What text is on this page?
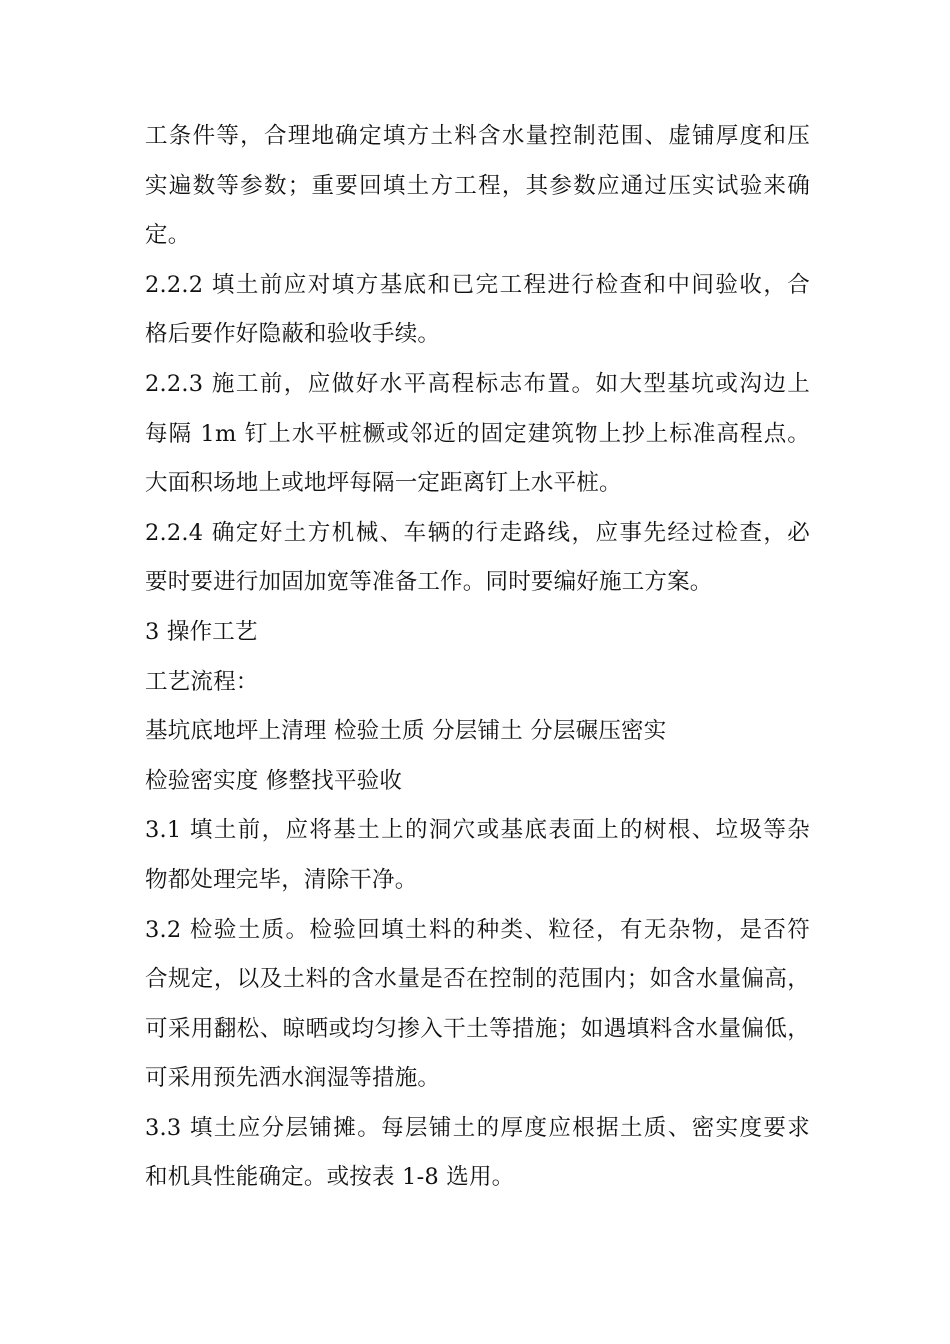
工条件等，合理地确定填方土料含水量控制范围、虚铺厚度和压
实遍数等参数；重要回填土方工程，其参数应通过压实试验来确
定。
2.2.2 填土前应对填方基底和已完工程进行检查和中间验收，合
格后要作好隐蔽和验收手续。
2.2.3 施工前，应做好水平高程标志布置。如大型基坑或沟边上
每隔 1m 钉上水平桩橛或邻近的固定建筑物上抄上标准高程点。
大面积场地上或地坪每隔一定距离钉上水平桩。
2.2.4 确定好土方机械、车辆的行走路线，应事先经过检查，必
要时要进行加固加宽等准备工作。同时要编好施工方案。
3 操作工艺
工艺流程：
基坑底地坪上清理 检验土质 分层铺土 分层碾压密实
检验密实度 修整找平验收
3.1 填土前，应将基土上的洞穴或基底表面上的树根、垃圾等杂
物都处理完毕，清除干净。
3.2 检验土质。检验回填土料的种类、粒径，有无杂物，是否符
合规定，以及土料的含水量是否在控制的范围内；如含水量偏高，
可采用翻松、晾晒或均匀掺入干土等措施；如遇填料含水量偏低，
可采用预先洒水润湿等措施。
3.3 填土应分层铺摊。每层铺土的厚度应根据土质、密实度要求
和机具性能确定。或按表 1-8 选用。
